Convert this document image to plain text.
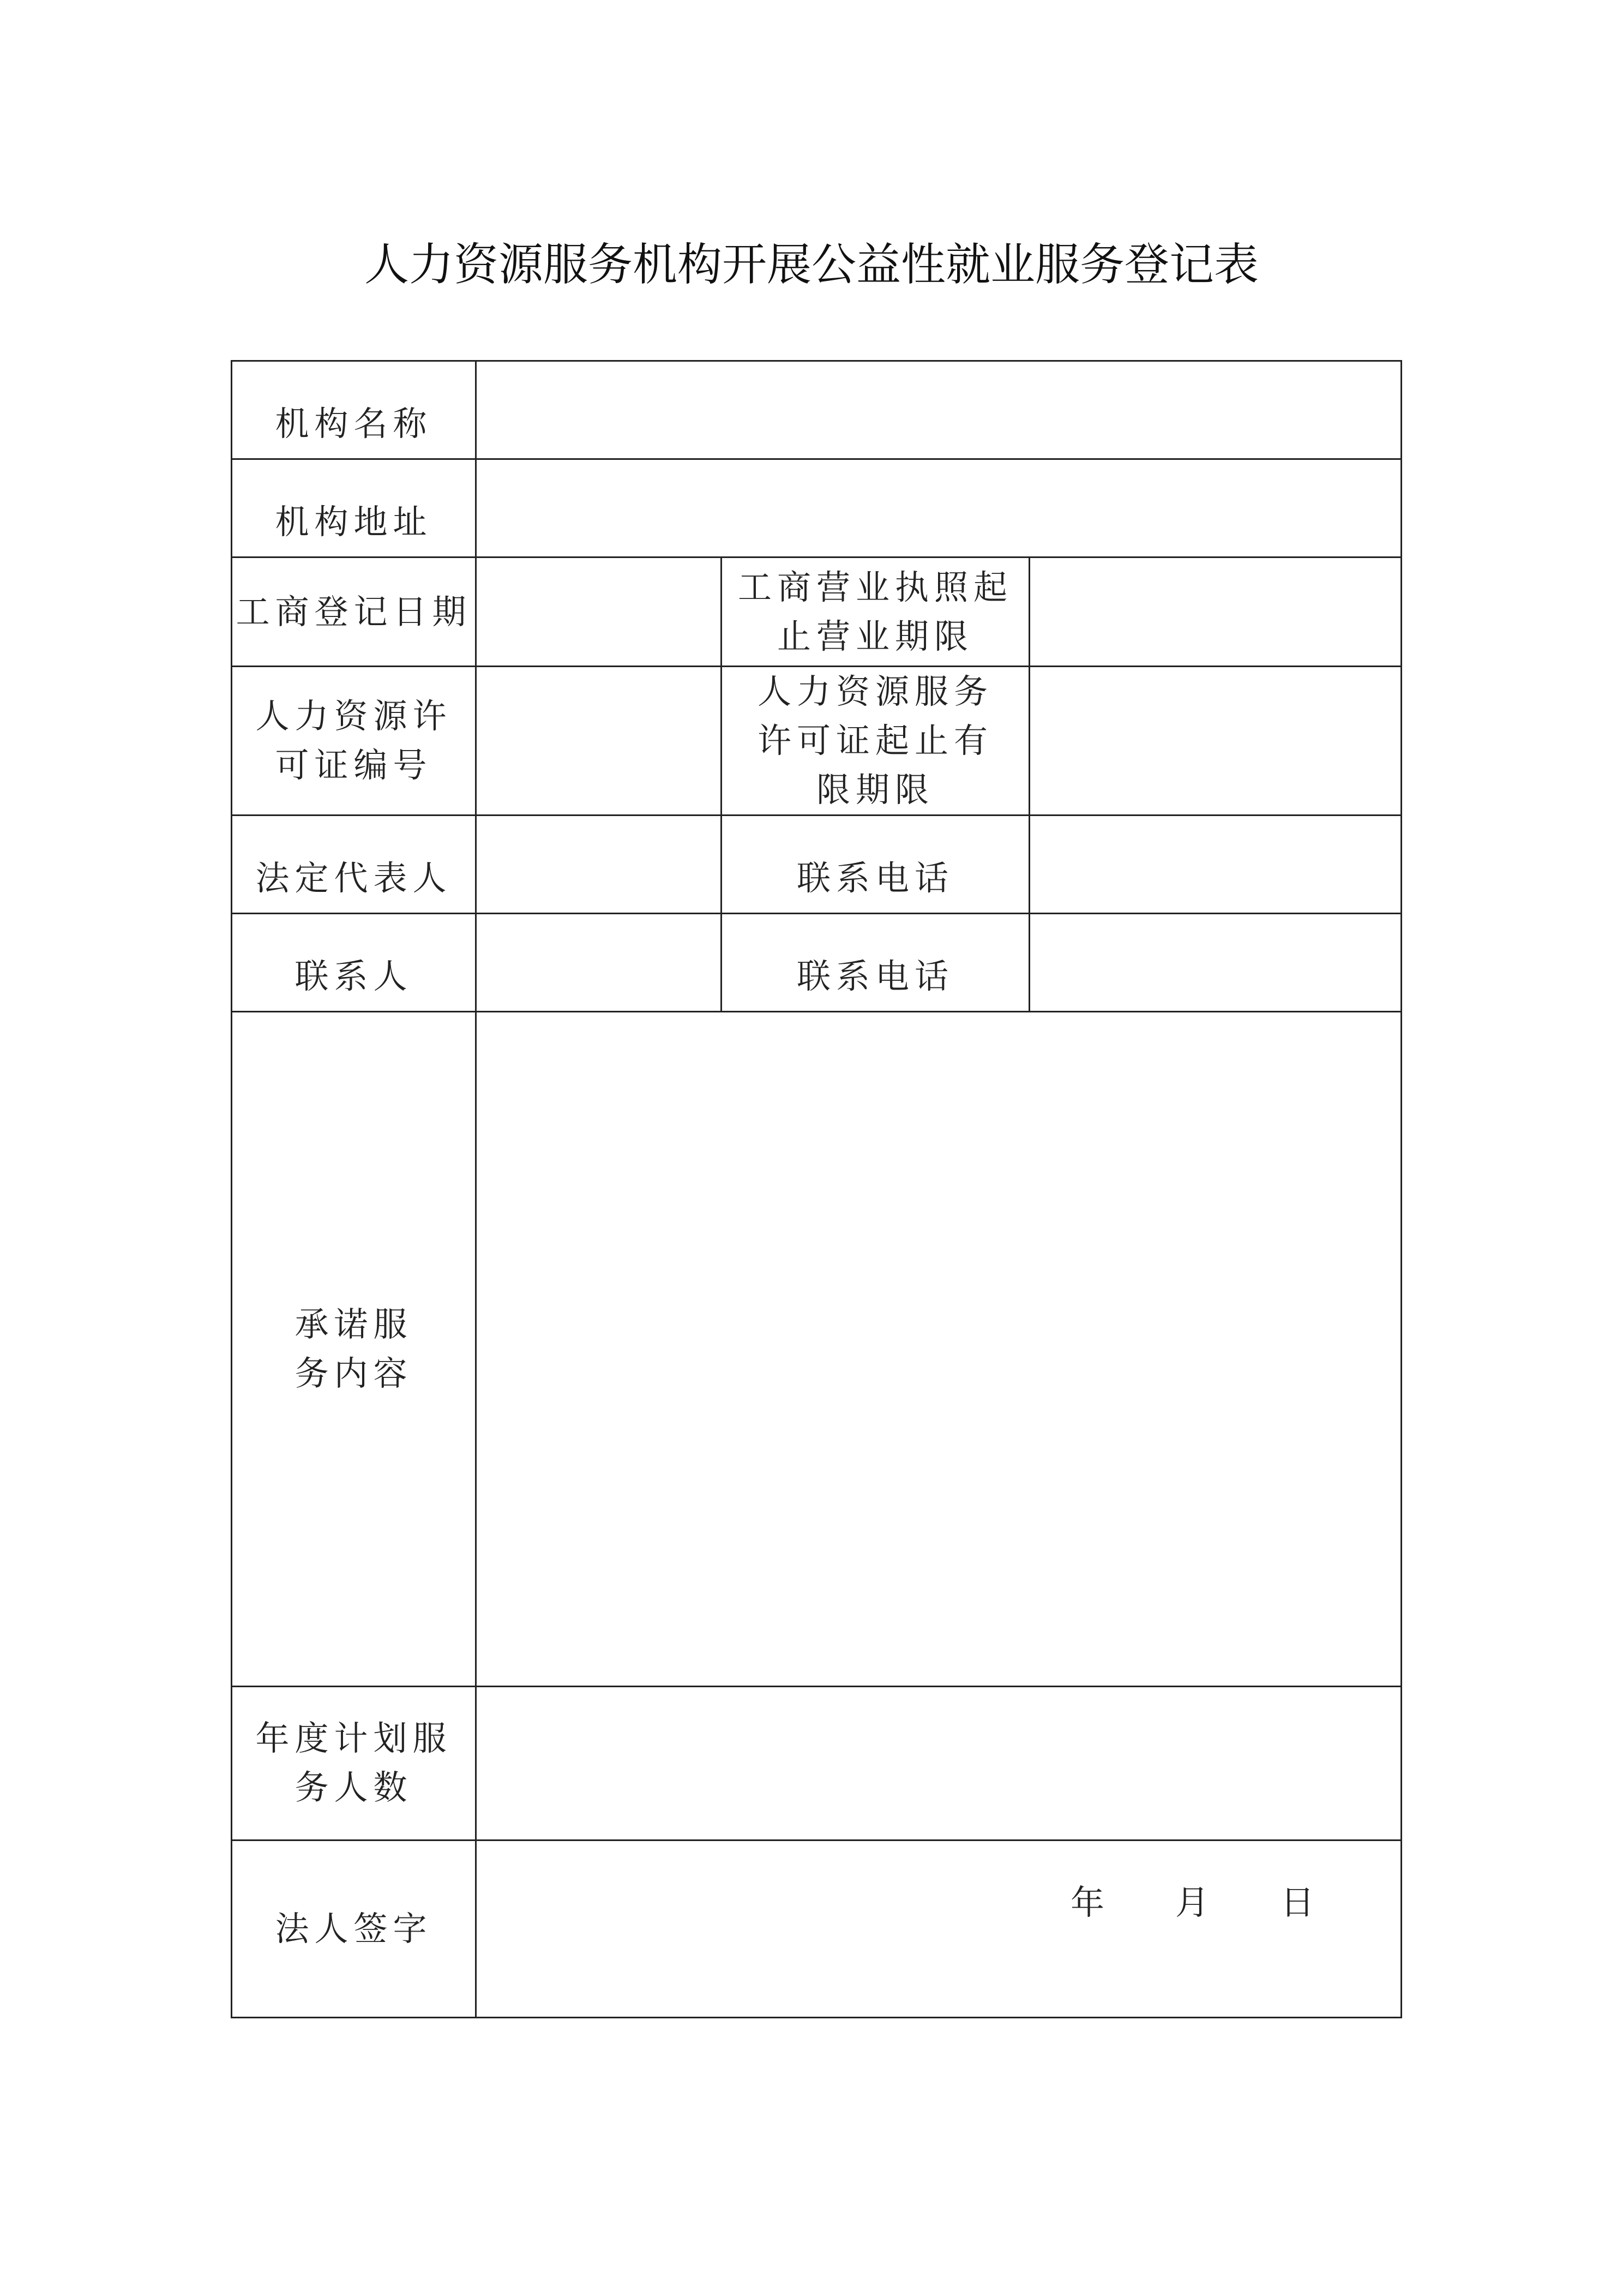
人力资源服务机构开展公益性就业服务登记表
机构名称			
机构地址			
工商登记日期		工商营业执照起止营业期限	
人力资源许可证编号		人力资源服务许可证起止有限期限	
法定代表人		联系电话	
联系人		联系电话	
承诺服务内容			
年度计划服务人数			
法人签字			
年 月 日
